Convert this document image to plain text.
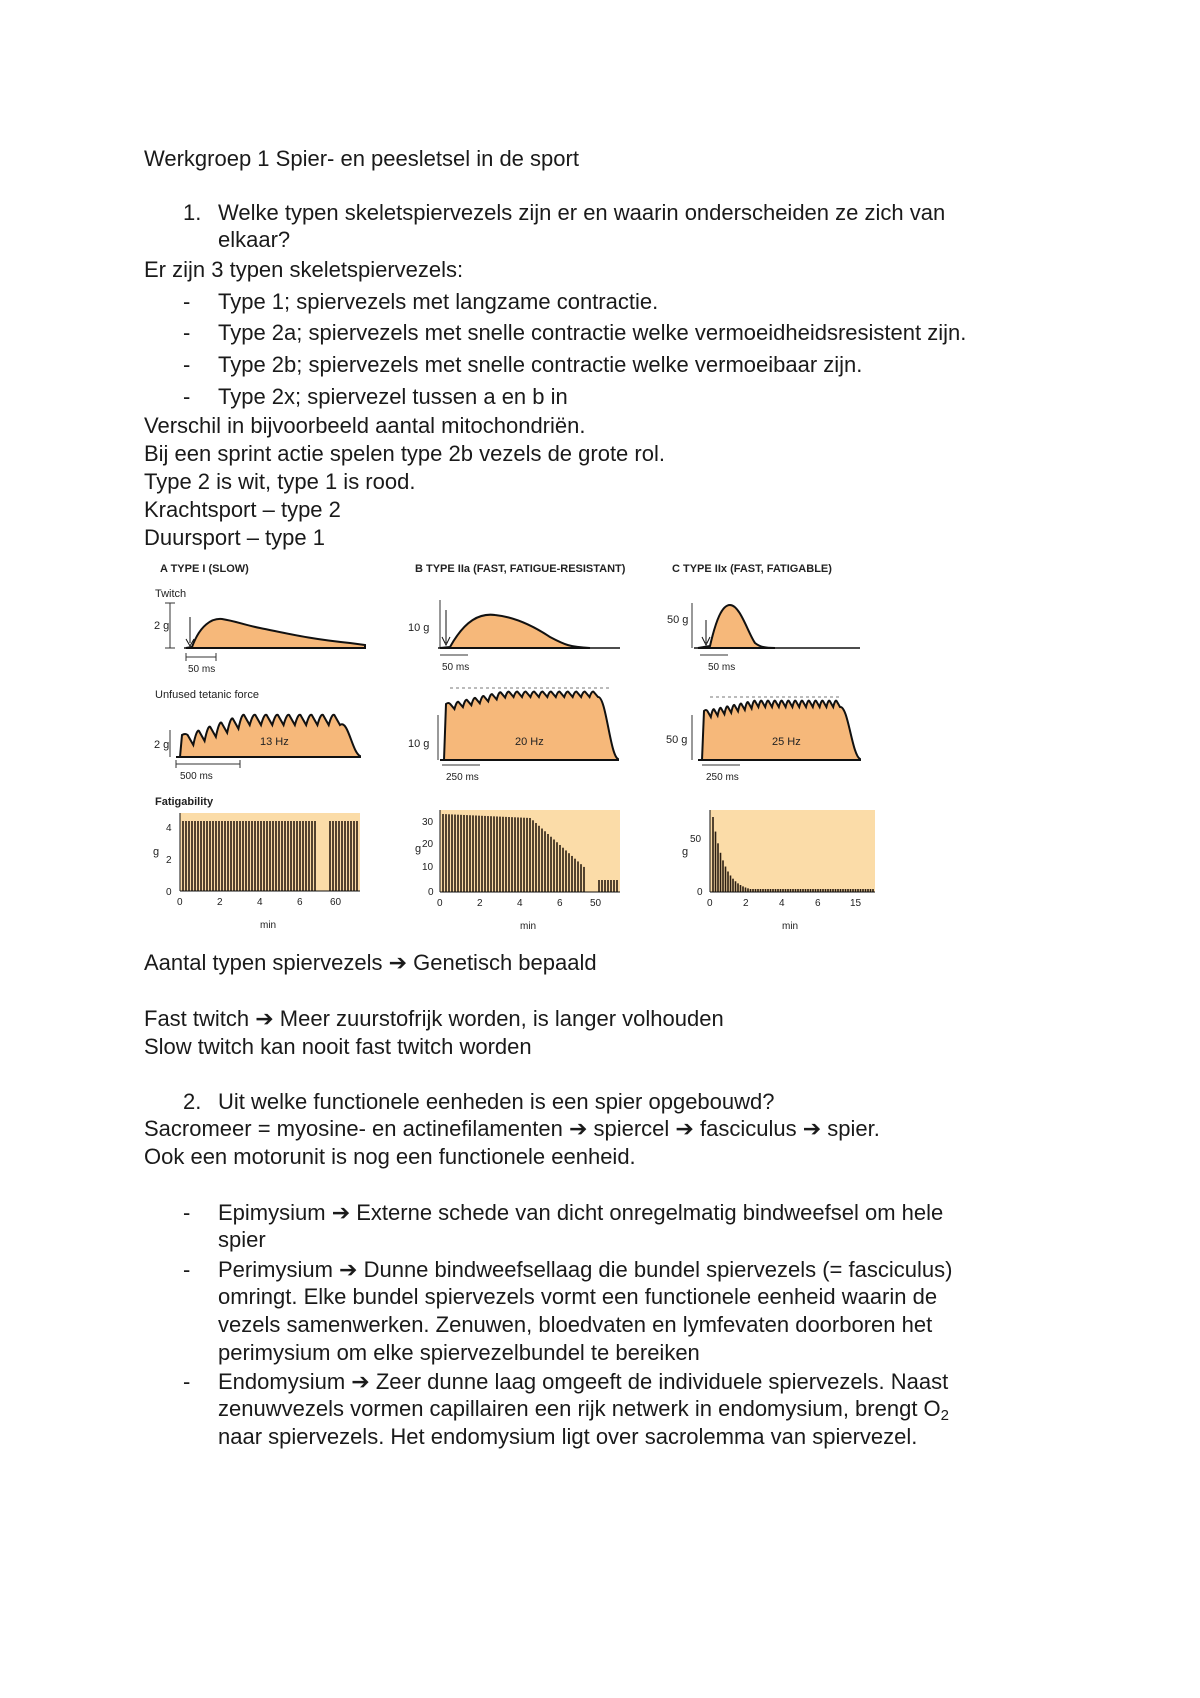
Werkgroep 1 Spier- en peesletsel in de sport
1. Welke typen skeletspiervezels zijn er en waarin onderscheiden ze zich van
elkaar?
Er zijn 3 typen skeletspiervezels:
- Type 1; spiervezels met langzame contractie.
- Type 2a; spiervezels met snelle contractie welke vermoeidheidsresistent zijn.
- Type 2b; spiervezels met snelle contractie welke vermoeibaar zijn.
- Type 2x; spiervezel tussen a en b in
Verschil in bijvoorbeeld aantal mitochondriën.
Bij een sprint actie spelen type 2b vezels de grote rol.
Type 2 is wit, type 1 is rood.
Krachtsport – type 2
Duursport – type 1
A TYPE I (SLOW)	B TYPE IIa (FAST, FATIGUE-RESISTANT)	C TYPE IIx (FAST, FATIGABLE)
Twitch
Unfused tetanic force
Fatigability
2 g
50 ms
10 g
50 ms
50 g
50 ms
2 g	13 Hz
500 ms
10 g	20 Hz
250 ms
50 g	25 Hz
250 ms
4
2
0
g
0	2	4	6	60
min
30
20
10
0
g
0	2	4	6	50
min
50
0
g
0	2	4	6	15
min
Aantal typen spiervezels ➔ Genetisch bepaald
Fast twitch ➔ Meer zuurstofrijk worden, is langer volhouden
Slow twitch kan nooit fast twitch worden
2. Uit welke functionele eenheden is een spier opgebouwd?
Sacromeer = myosine- en actinefilamenten ➔ spiercel ➔ fasciculus ➔ spier.
Ook een motorunit is nog een functionele eenheid.
- Epimysium ➔ Externe schede van dicht onregelmatig bindweefsel om hele
spier
- Perimysium ➔ Dunne bindweefsellaag die bundel spiervezels (= fasciculus)
omringt. Elke bundel spiervezels vormt een functionele eenheid waarin de
vezels samenwerken. Zenuwen, bloedvaten en lymfevaten doorboren het
perimysium om elke spiervezelbundel te bereiken
- Endomysium ➔ Zeer dunne laag omgeeft de individuele spiervezels. Naast
zenuwvezels vormen capillairen een rijk netwerk in endomysium, brengt $O_2$
naar spiervezels. Het endomysium ligt over sacrolemma van spiervezel.
